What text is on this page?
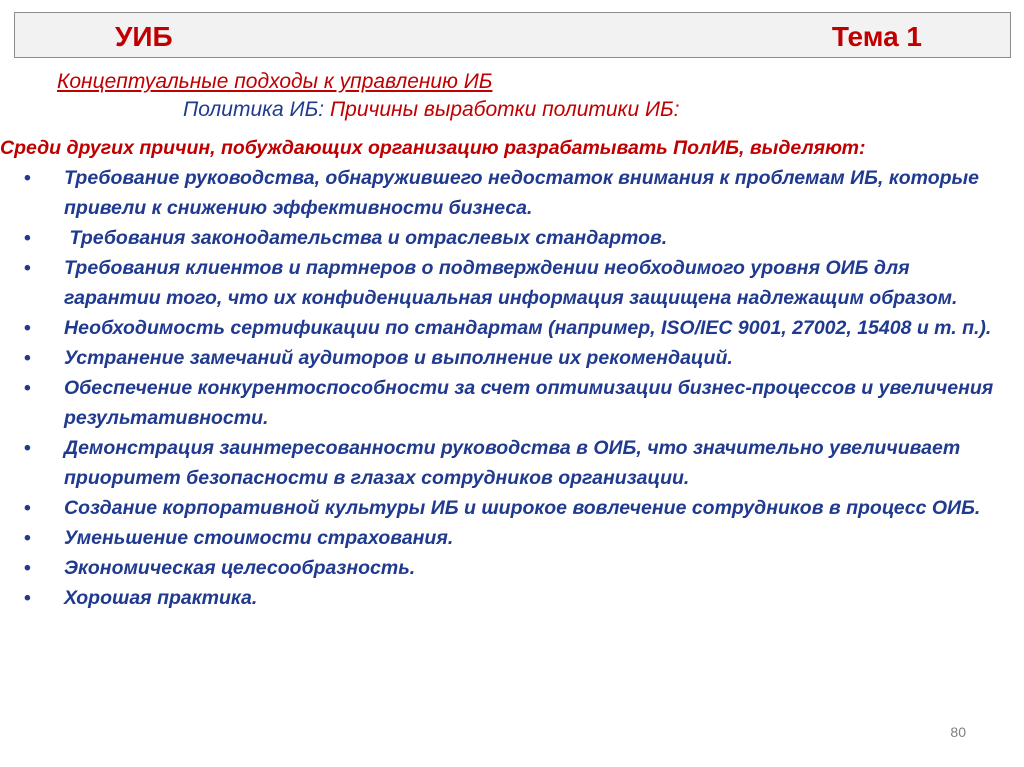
УИБ	Тема 1
Концептуальные подходы к управлению ИБ
Политика ИБ: Причины выработки политики ИБ:

Среди других причин, побуждающих организацию разрабатывать ПолИБ, выделяют:

• Требование руководства, обнаружившего недостаток внимания к проблемам ИБ, которые привели к снижению эффективности бизнеса.
• Требования законодательства и отраслевых стандартов.
• Требования клиентов и партнеров о подтверждении необходимого уровня ОИБ для гарантии того, что их конфиденциальная информация защищена надлежащим образом.
• Необходимость сертификации по стандартам (например, ISO/IEC 9001, 27002, 15408 и т. п.).
• Устранение замечаний аудиторов и выполнение их рекомендаций.
• Обеспечение конкурентоспособности за счет оптимизации бизнес-процессов и увеличения результативности.
• Демонстрация заинтересованности руководства в ОИБ, что значительно увеличивает приоритет безопасности в глазах сотрудников организации.
• Создание корпоративной культуры ИБ и широкое вовлечение сотрудников в процесс ОИБ.
• Уменьшение стоимости страхования.
• Экономическая целесообразность.
• Хорошая практика.
80
